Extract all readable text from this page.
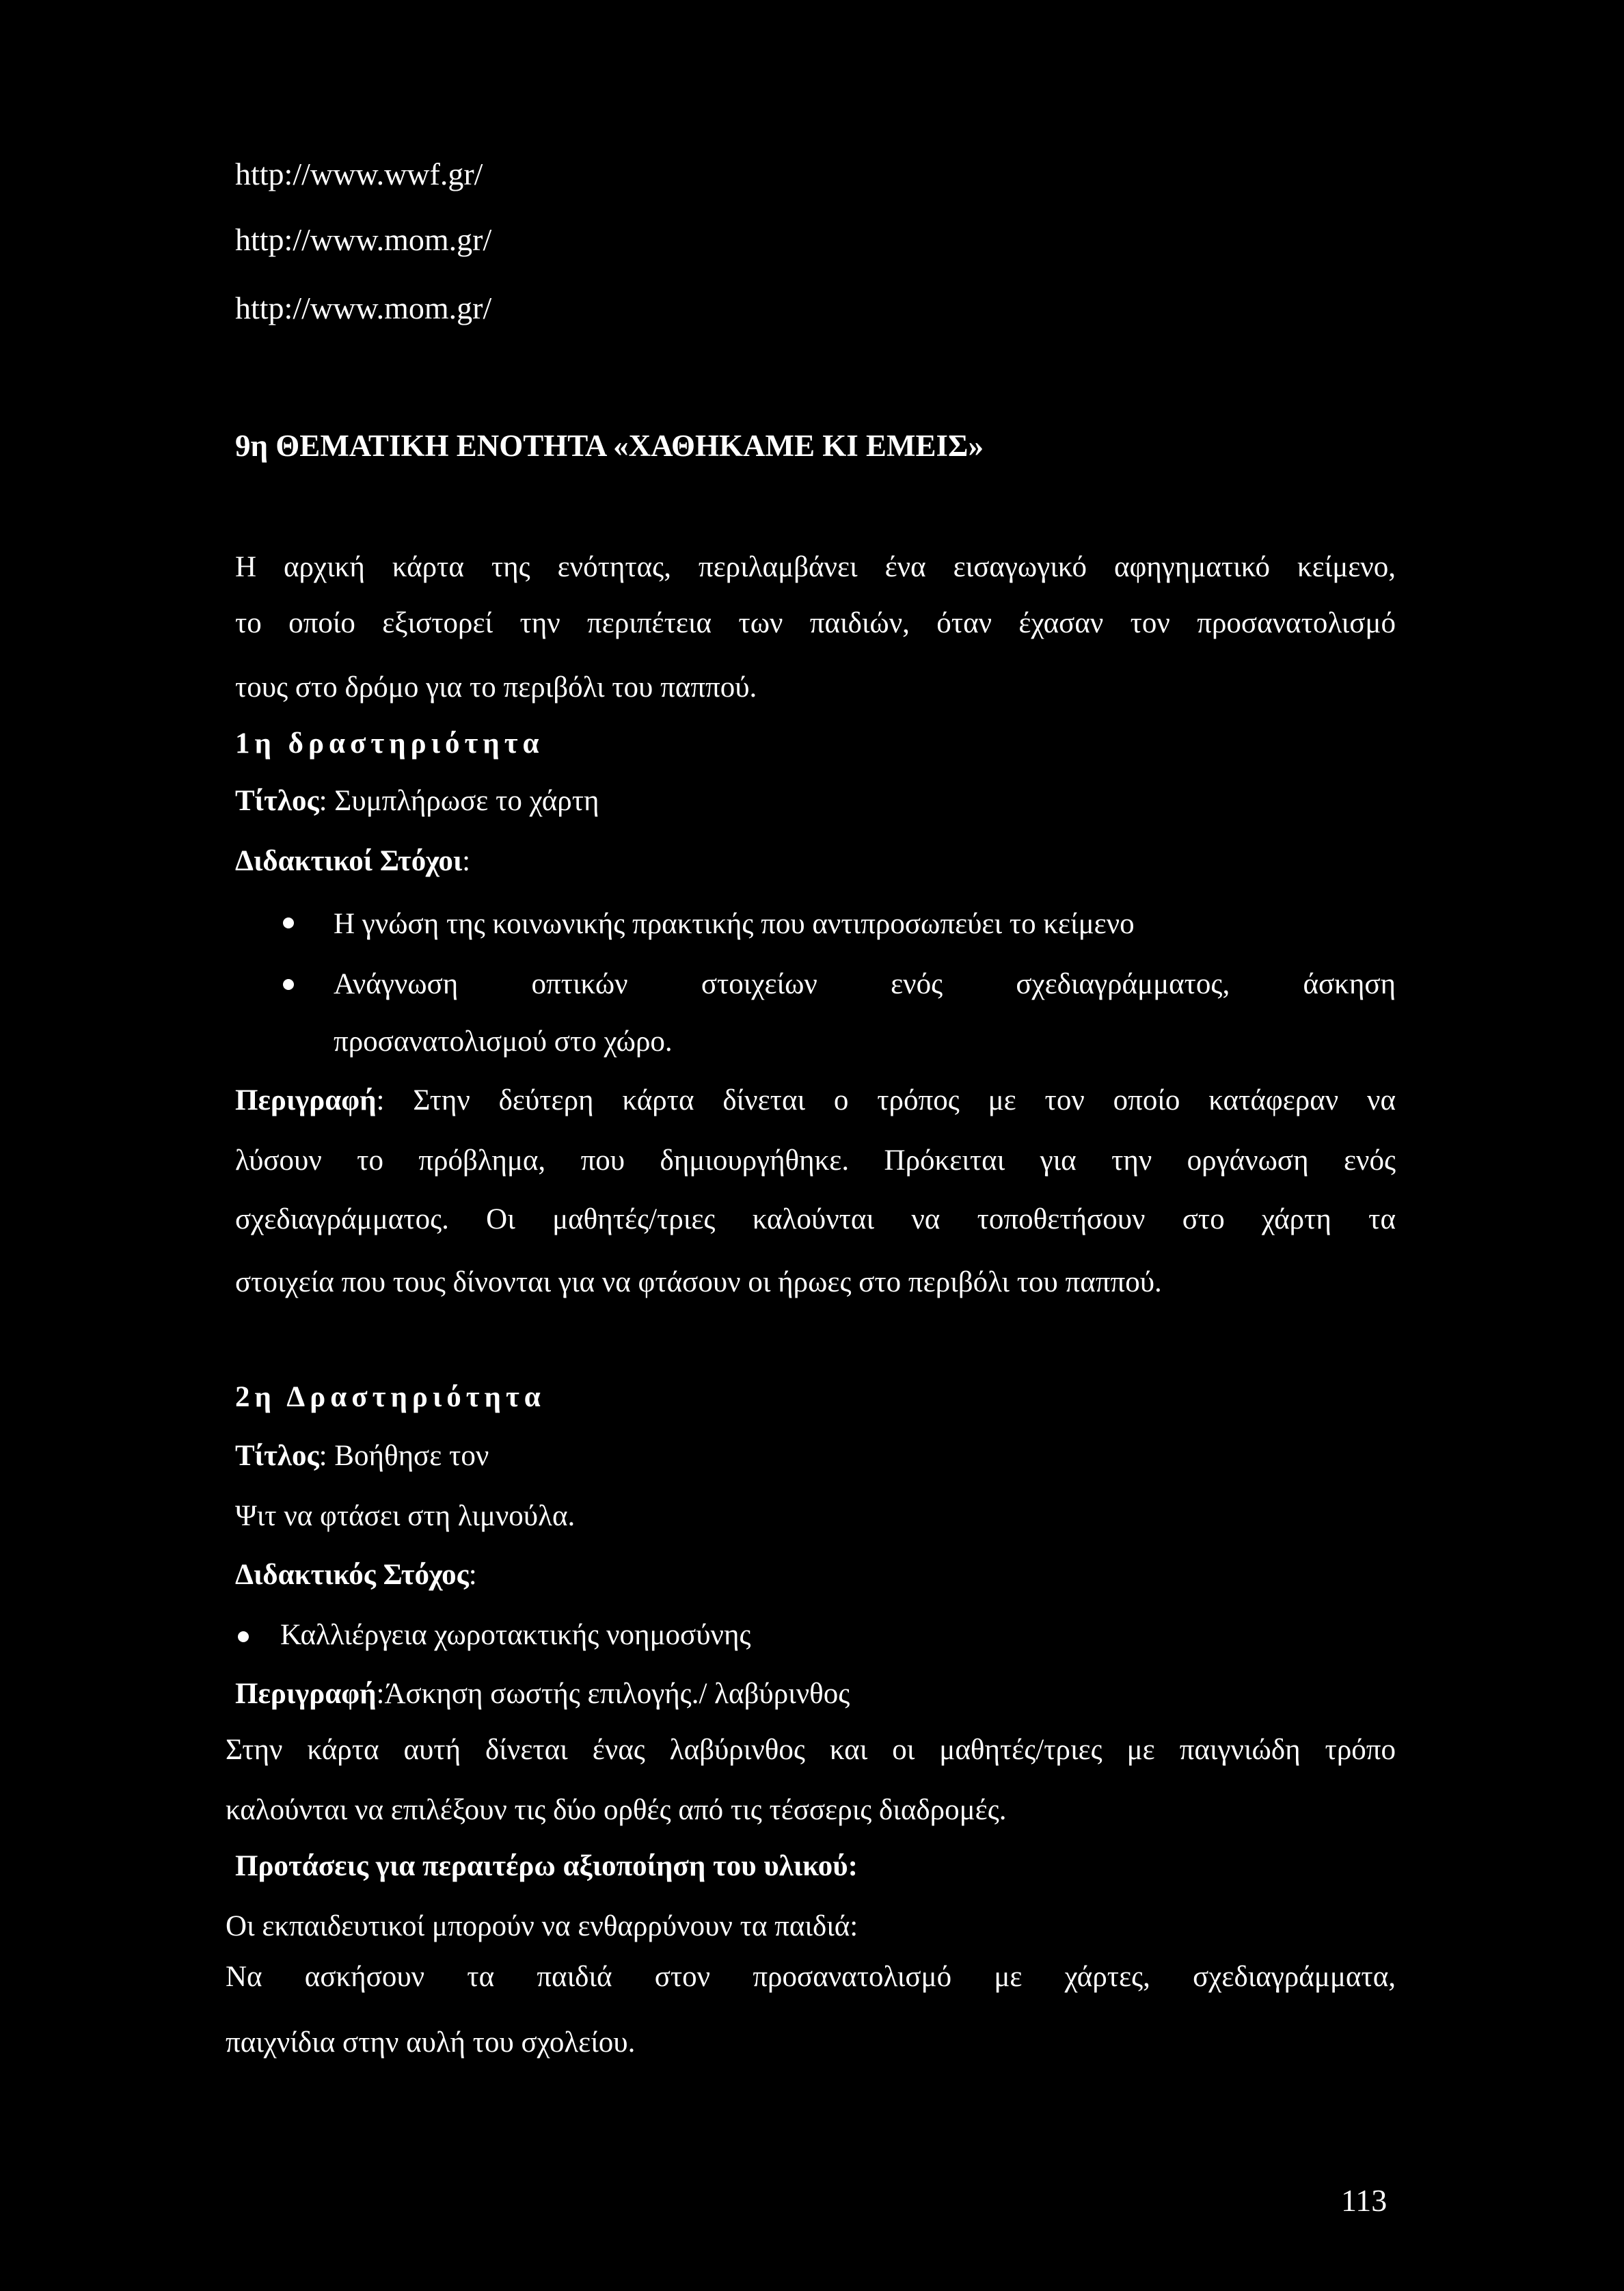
http://www.wwf.gr/
http://www.mom.gr/
http://www.mom.gr/
9η ΘΕΜΑΤΙΚΗ ΕΝΟΤΗΤΑ «ΧΑΘΗΚΑΜΕ ΚΙ ΕΜΕΙΣ»
Η αρχική κάρτα της ενότητας, περιλαμβάνει ένα εισαγωγικό αφηγηματικό κείμενο,
το οποίο εξιστορεί την περιπέτεια των παιδιών, όταν έχασαν τον προσανατολισμό
τους στο δρόμο για το περιβόλι του παππού.
1η δραστηριότητα
Τίτλος: Συμπλήρωσε το χάρτη
Διδακτικοί Στόχοι:
Η γνώση της κοινωνικής πρακτικής που αντιπροσωπεύει το κείμενο
Ανάγνωση οπτικών στοιχείων ενός σχεδιαγράμματος, άσκηση
προσανατολισμού στο χώρο.
Περιγραφή: Στην δεύτερη κάρτα δίνεται ο τρόπος με τον οποίο κατάφεραν να
λύσουν το πρόβλημα, που δημιουργήθηκε. Πρόκειται για την οργάνωση ενός
σχεδιαγράμματος. Οι μαθητές/τριες καλούνται να τοποθετήσουν στο χάρτη τα
στοιχεία που τους δίνονται για να φτάσουν οι ήρωες στο περιβόλι του παππού.
2η Δραστηριότητα
Τίτλος: Βοήθησε τον
Ψιτ να φτάσει στη λιμνούλα.
Διδακτικός Στόχος:
Καλλιέργεια χωροτακτικής νοημοσύνης
Περιγραφή:Άσκηση σωστής επιλογής./ λαβύρινθος
Στην κάρτα αυτή δίνεται ένας λαβύρινθος και οι μαθητές/τριες με παιγνιώδη τρόπο
καλούνται να επιλέξουν τις δύο ορθές από τις τέσσερις διαδρομές.
Προτάσεις για περαιτέρω αξιοποίηση του υλικού:
Οι εκπαιδευτικοί μπορούν να ενθαρρύνουν τα παιδιά:
Να ασκήσουν τα παιδιά στον προσανατολισμό με χάρτες, σχεδιαγράμματα,
παιχνίδια στην αυλή του σχολείου.
113
